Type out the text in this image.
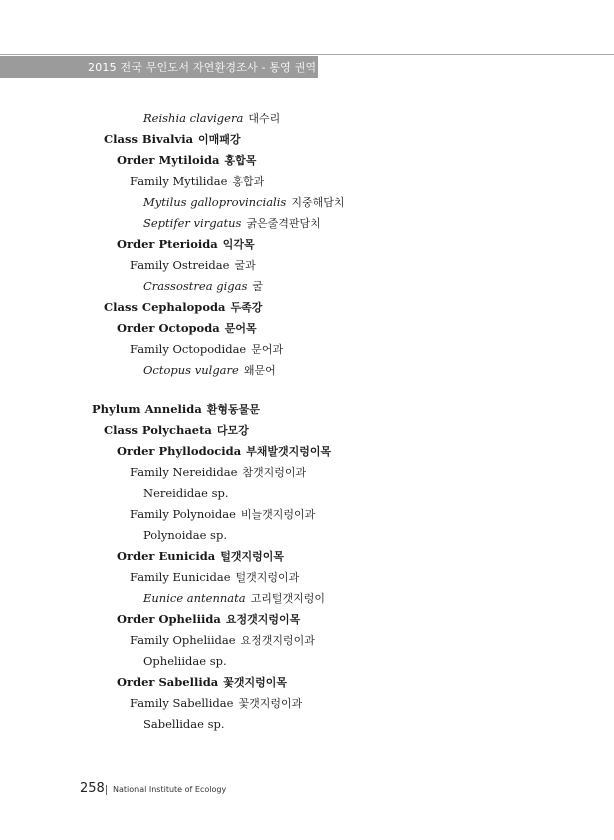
2015 전국 무인도서 자연환경조사 - 통영 권역
258 National Institute of Ecology
Reishia clavigera 대수리
Class Bivalvia 이매패강
Order Mytiloida 홍합목
Family Mytilidae 홍합과
Mytilus galloprovincialis 지중해담치
Septifer virgatus 굵은줄격판담치
Order Pterioida 익각목
Family Ostreidae 굴과
Crassostrea gigas 굴
Class Cephalopoda 두족강
Order Octopoda 문어목
Family Octopodidae 문어과
Octopus vulgare 왜문어
Phylum Annelida 환형동물문
Class Polychaeta 다모강
Order Phyllodocida 부채발갯지렁이목
Family Nereididae 참갯지렁이과
Nereididae sp.
Family Polynoidae 비늘갯지렁이과
Polynoidae sp.
Order Eunicida 털갯지렁이목
Family Eunicidae 털갯지렁이과
Eunice antennata 고리털갯지렁이
Order Opheliida 요정갯지렁이목
Family Opheliidae 요정갯지렁이과
Opheliidae sp.
Order Sabellida 꽃갯지렁이목
Family Sabellidae 꽃갯지렁이과
Sabellidae sp.
